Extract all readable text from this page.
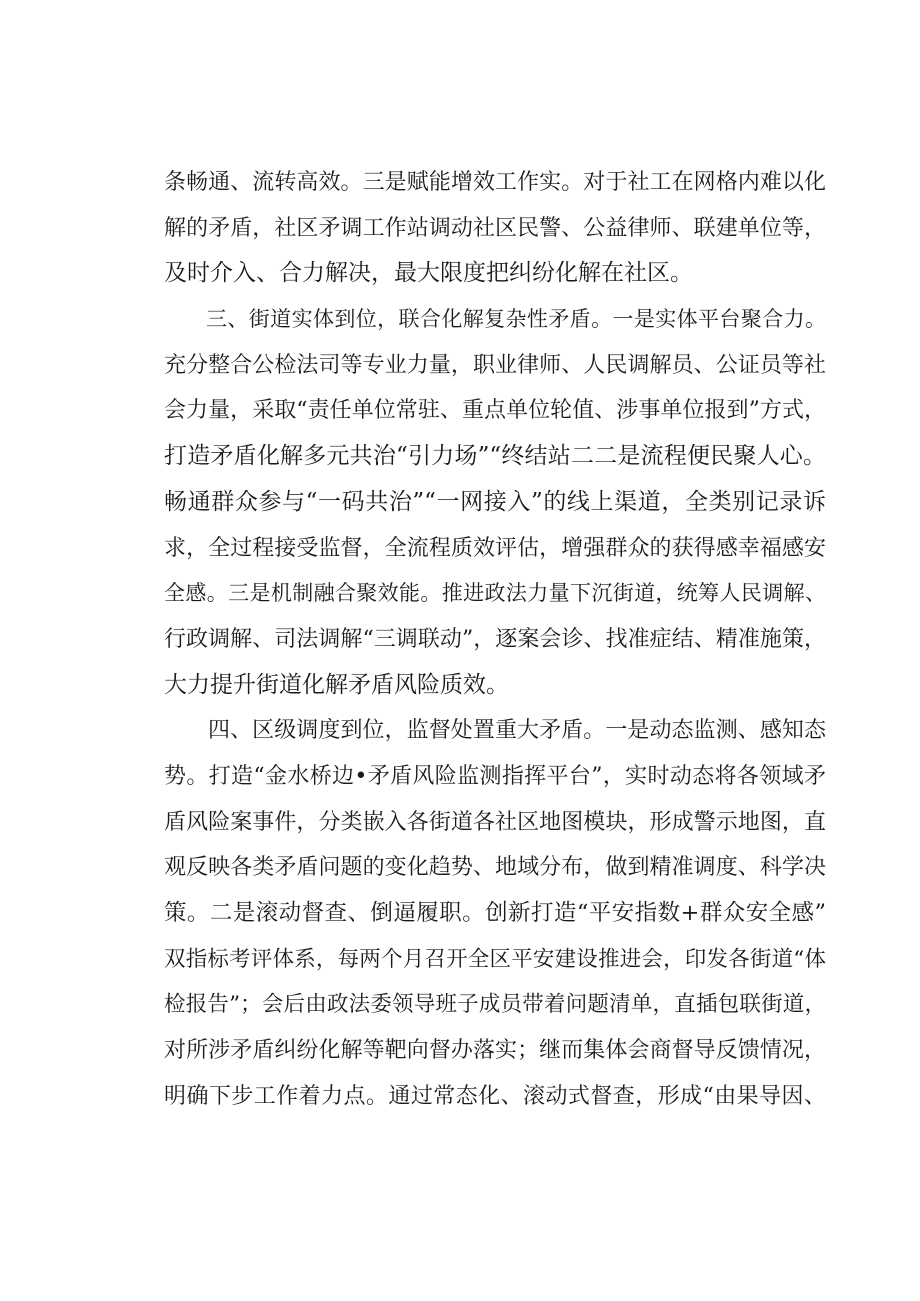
条畅通、流转高效。三是赋能增效工作实。对于社工在网格内难以化
解的矛盾，社区矛调工作站调动社区民警、公益律师、联建单位等，
及时介入、合力解决，最大限度把纠纷化解在社区。
三、街道实体到位，联合化解复杂性矛盾。一是实体平台聚合力。
充分整合公检法司等专业力量，职业律师、人民调解员、公证员等社
会力量，采取“责任单位常驻、重点单位轮值、涉事单位报到”方式，
打造矛盾化解多元共治“引力场”“终结站二二是流程便民聚人心。
畅通群众参与“一码共治”“一网接入”的线上渠道，全类别记录诉
求，全过程接受监督，全流程质效评估，增强群众的获得感幸福感安
全感。三是机制融合聚效能。推进政法力量下沉街道，统筹人民调解、
行政调解、司法调解“三调联动”，逐案会诊、找准症结、精准施策，
大力提升街道化解矛盾风险质效。
四、区级调度到位，监督处置重大矛盾。一是动态监测、感知态
势。打造“金水桥边•矛盾风险监测指挥平台”，实时动态将各领域矛
盾风险案事件，分类嵌入各街道各社区地图模块，形成警示地图，直
观反映各类矛盾问题的变化趋势、地域分布，做到精准调度、科学决
策。二是滚动督查、倒逼履职。创新打造“平安指数+群众安全感”
双指标考评体系，每两个月召开全区平安建设推进会，印发各街道“体
检报告”；会后由政法委领导班子成员带着问题清单，直插包联街道，
对所涉矛盾纠纷化解等靶向督办落实；继而集体会商督导反馈情况，
明确下步工作着力点。通过常态化、滚动式督查，形成“由果导因、
